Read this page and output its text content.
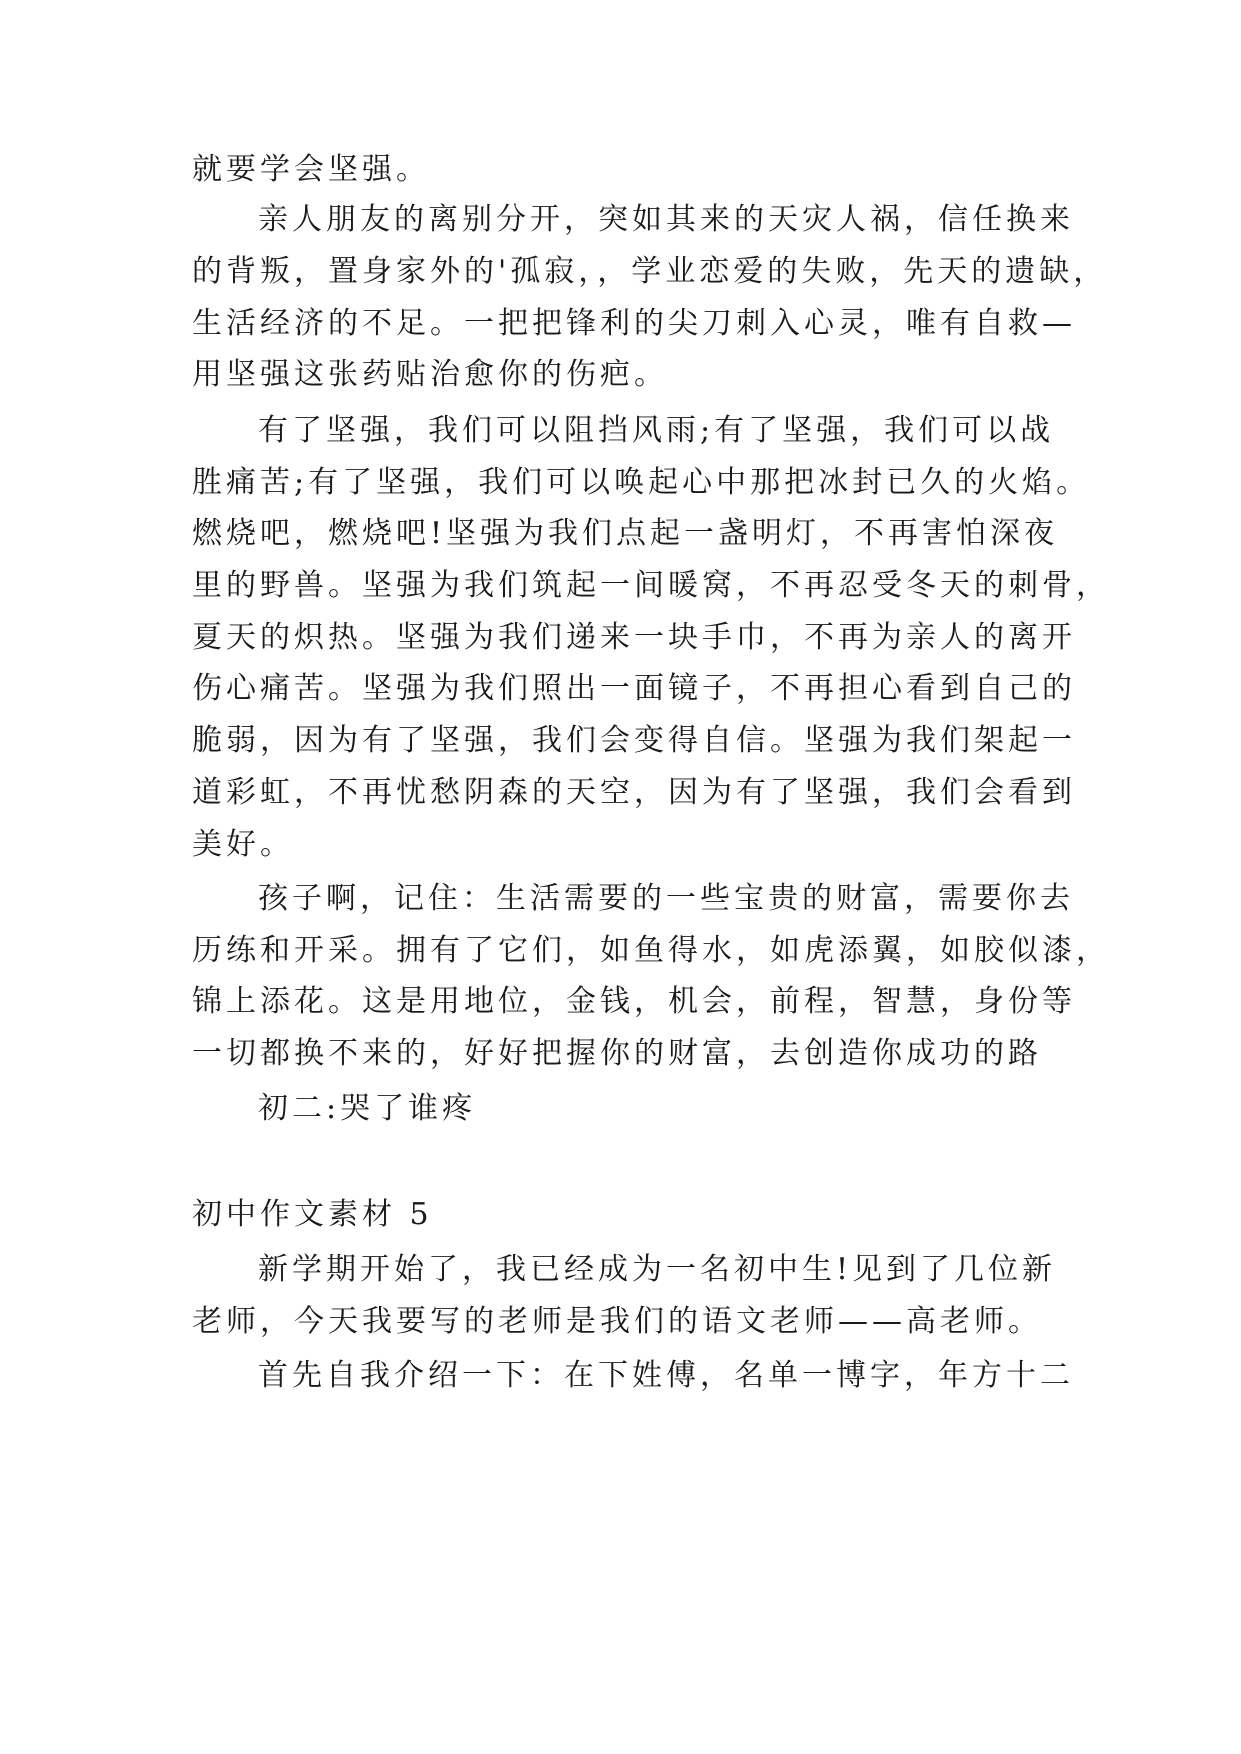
就要学会坚强。
亲人朋友的离别分开，突如其来的天灾人祸，信任换来
的背叛，置身家外的'孤寂，，学业恋爱的失败，先天的遗缺，
生活经济的不足。一把把锋利的尖刀刺入心灵，唯有自救—
用坚强这张药贴治愈你的伤疤。
有了坚强，我们可以阻挡风雨;有了坚强，我们可以战
胜痛苦;有了坚强，我们可以唤起心中那把冰封已久的火焰。
燃烧吧，燃烧吧!坚强为我们点起一盏明灯，不再害怕深夜
里的野兽。坚强为我们筑起一间暖窝，不再忍受冬天的刺骨，
夏天的炽热。坚强为我们递来一块手巾，不再为亲人的离开
伤心痛苦。坚强为我们照出一面镜子，不再担心看到自己的
脆弱，因为有了坚强，我们会变得自信。坚强为我们架起一
道彩虹，不再忧愁阴森的天空，因为有了坚强，我们会看到
美好。
孩子啊，记住：生活需要的一些宝贵的财富，需要你去
历练和开采。拥有了它们，如鱼得水，如虎添翼，如胶似漆，
锦上添花。这是用地位，金钱，机会，前程，智慧，身份等
一切都换不来的，好好把握你的财富，去创造你成功的路
初二:哭了谁疼
初中作文素材 5
新学期开始了，我已经成为一名初中生!见到了几位新
老师，今天我要写的老师是我们的语文老师——高老师。
首先自我介绍一下：在下姓傅，名单一博字，年方十二
